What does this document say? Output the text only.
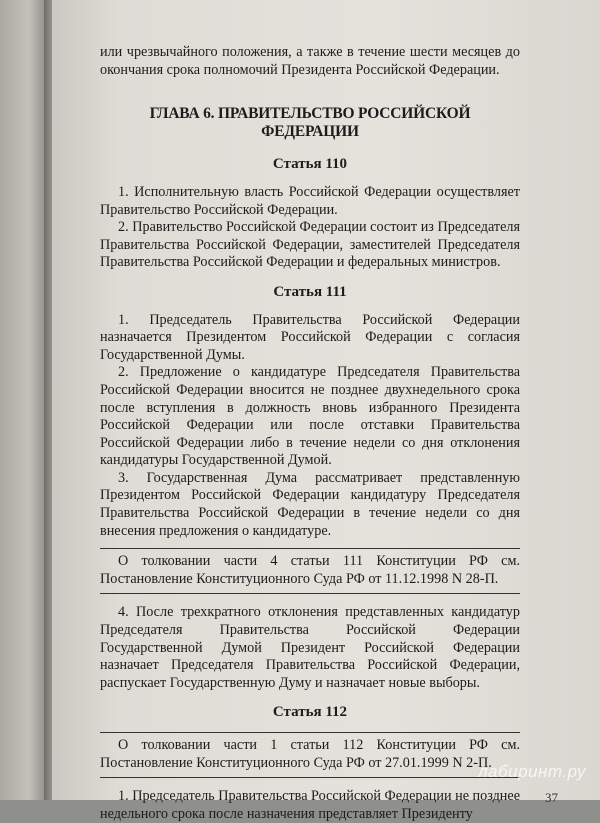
или чрезвычайного положения, а также в течение шести месяцев до окончания срока полномочий Президента Российской Федерации.

ГЛАВА 6. ПРАВИТЕЛЬСТВО РОССИЙСКОЙ ФЕДЕРАЦИИ
Статья 110

1. Исполнительную власть Российской Федерации осуществляет Правительство Российской Федерации.

2. Правительство Российской Федерации состоит из Председателя Правительства Российской Федерации, заместителей Председателя Правительства Российской Федерации и федеральных министров.

Статья 111

1. Председатель Правительства Российской Федерации назначается Президентом Российской Федерации с согласия Государственной Думы.

2. Предложение о кандидатуре Председателя Правительства Российской Федерации вносится не позднее двухнедельного срока после вступления в должность вновь избранного Президента Российской Федерации или после отставки Правительства Российской Федерации либо в течение недели со дня отклонения кандидатуры Государственной Думой.

3. Государственная Дума рассматривает представленную Президентом Российской Федерации кандидатуру Председателя Правительства Российской Федерации в течение недели со дня внесения предложения о кандидатуре.

О толковании части 4 статьи 111 Конституции РФ см. Постановление Конституционного Суда РФ от 11.12.1998 N 28-П.

4. После трехкратного отклонения представленных кандидатур Председателя Правительства Российской Федерации Государственной Думой Президент Российской Федерации назначает Председателя Правительства Российской Федерации, распускает Государственную Думу и назначает новые выборы.

Статья 112

О толковании части 1 статьи 112 Конституции РФ см. Постановление Конституционного Суда РФ от 27.01.1999 N 2-П.

1. Председатель Правительства Российской Федерации не позднее недельного срока после назначения представляет Президенту

37
лабиринт.ру
